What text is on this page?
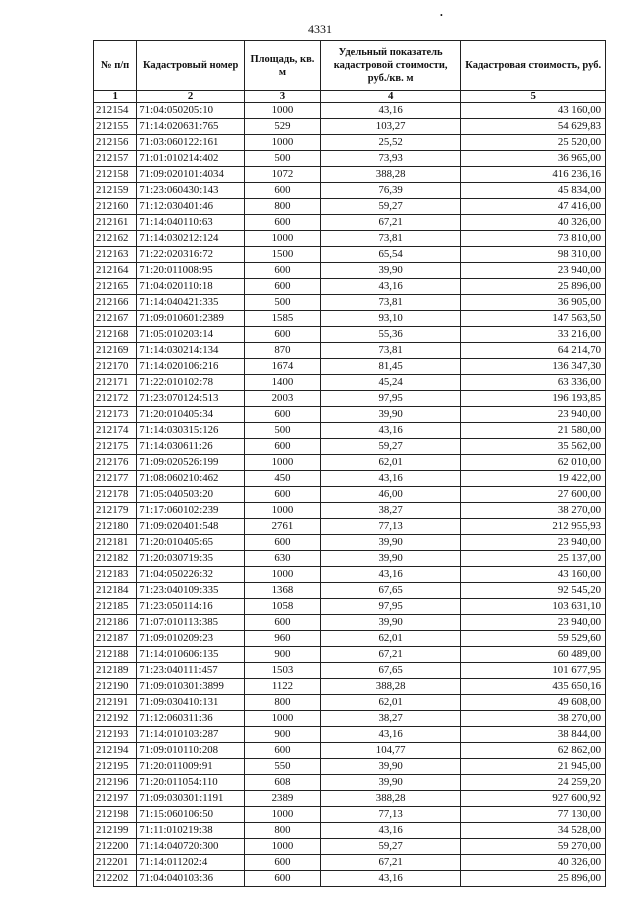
4331
•
№ п/п	Кадастровый номер	Площадь, кв. м	Удельный показатель кадастровой стоимости, руб./кв. м	Кадастровая стоимость, руб.
1	2	3	4	5
212154	71:04:050205:10	1000	43,16	43 160,00
212155	71:14:020631:765	529	103,27	54 629,83
212156	71:03:060122:161	1000	25,52	25 520,00
212157	71:01:010214:402	500	73,93	36 965,00
212158	71:09:020101:4034	1072	388,28	416 236,16
212159	71:23:060430:143	600	76,39	45 834,00
212160	71:12:030401:46	800	59,27	47 416,00
212161	71:14:040110:63	600	67,21	40 326,00
212162	71:14:030212:124	1000	73,81	73 810,00
212163	71:22:020316:72	1500	65,54	98 310,00
212164	71:20:011008:95	600	39,90	23 940,00
212165	71:04:020110:18	600	43,16	25 896,00
212166	71:14:040421:335	500	73,81	36 905,00
212167	71:09:010601:2389	1585	93,10	147 563,50
212168	71:05:010203:14	600	55,36	33 216,00
212169	71:14:030214:134	870	73,81	64 214,70
212170	71:14:020106:216	1674	81,45	136 347,30
212171	71:22:010102:78	1400	45,24	63 336,00
212172	71:23:070124:513	2003	97,95	196 193,85
212173	71:20:010405:34	600	39,90	23 940,00
212174	71:14:030315:126	500	43,16	21 580,00
212175	71:14:030611:26	600	59,27	35 562,00
212176	71:09:020526:199	1000	62,01	62 010,00
212177	71:08:060210:462	450	43,16	19 422,00
212178	71:05:040503:20	600	46,00	27 600,00
212179	71:17:060102:239	1000	38,27	38 270,00
212180	71:09:020401:548	2761	77,13	212 955,93
212181	71:20:010405:65	600	39,90	23 940,00
212182	71:20:030719:35	630	39,90	25 137,00
212183	71:04:050226:32	1000	43,16	43 160,00
212184	71:23:040109:335	1368	67,65	92 545,20
212185	71:23:050114:16	1058	97,95	103 631,10
212186	71:07:010113:385	600	39,90	23 940,00
212187	71:09:010209:23	960	62,01	59 529,60
212188	71:14:010606:135	900	67,21	60 489,00
212189	71:23:040111:457	1503	67,65	101 677,95
212190	71:09:010301:3899	1122	388,28	435 650,16
212191	71:09:030410:131	800	62,01	49 608,00
212192	71:12:060311:36	1000	38,27	38 270,00
212193	71:14:010103:287	900	43,16	38 844,00
212194	71:09:010110:208	600	104,77	62 862,00
212195	71:20:011009:91	550	39,90	21 945,00
212196	71:20:011054:110	608	39,90	24 259,20
212197	71:09:030301:1191	2389	388,28	927 600,92
212198	71:15:060106:50	1000	77,13	77 130,00
212199	71:11:010219:38	800	43,16	34 528,00
212200	71:14:040720:300	1000	59,27	59 270,00
212201	71:14:011202:4	600	67,21	40 326,00
212202	71:04:040103:36	600	43,16	25 896,00
